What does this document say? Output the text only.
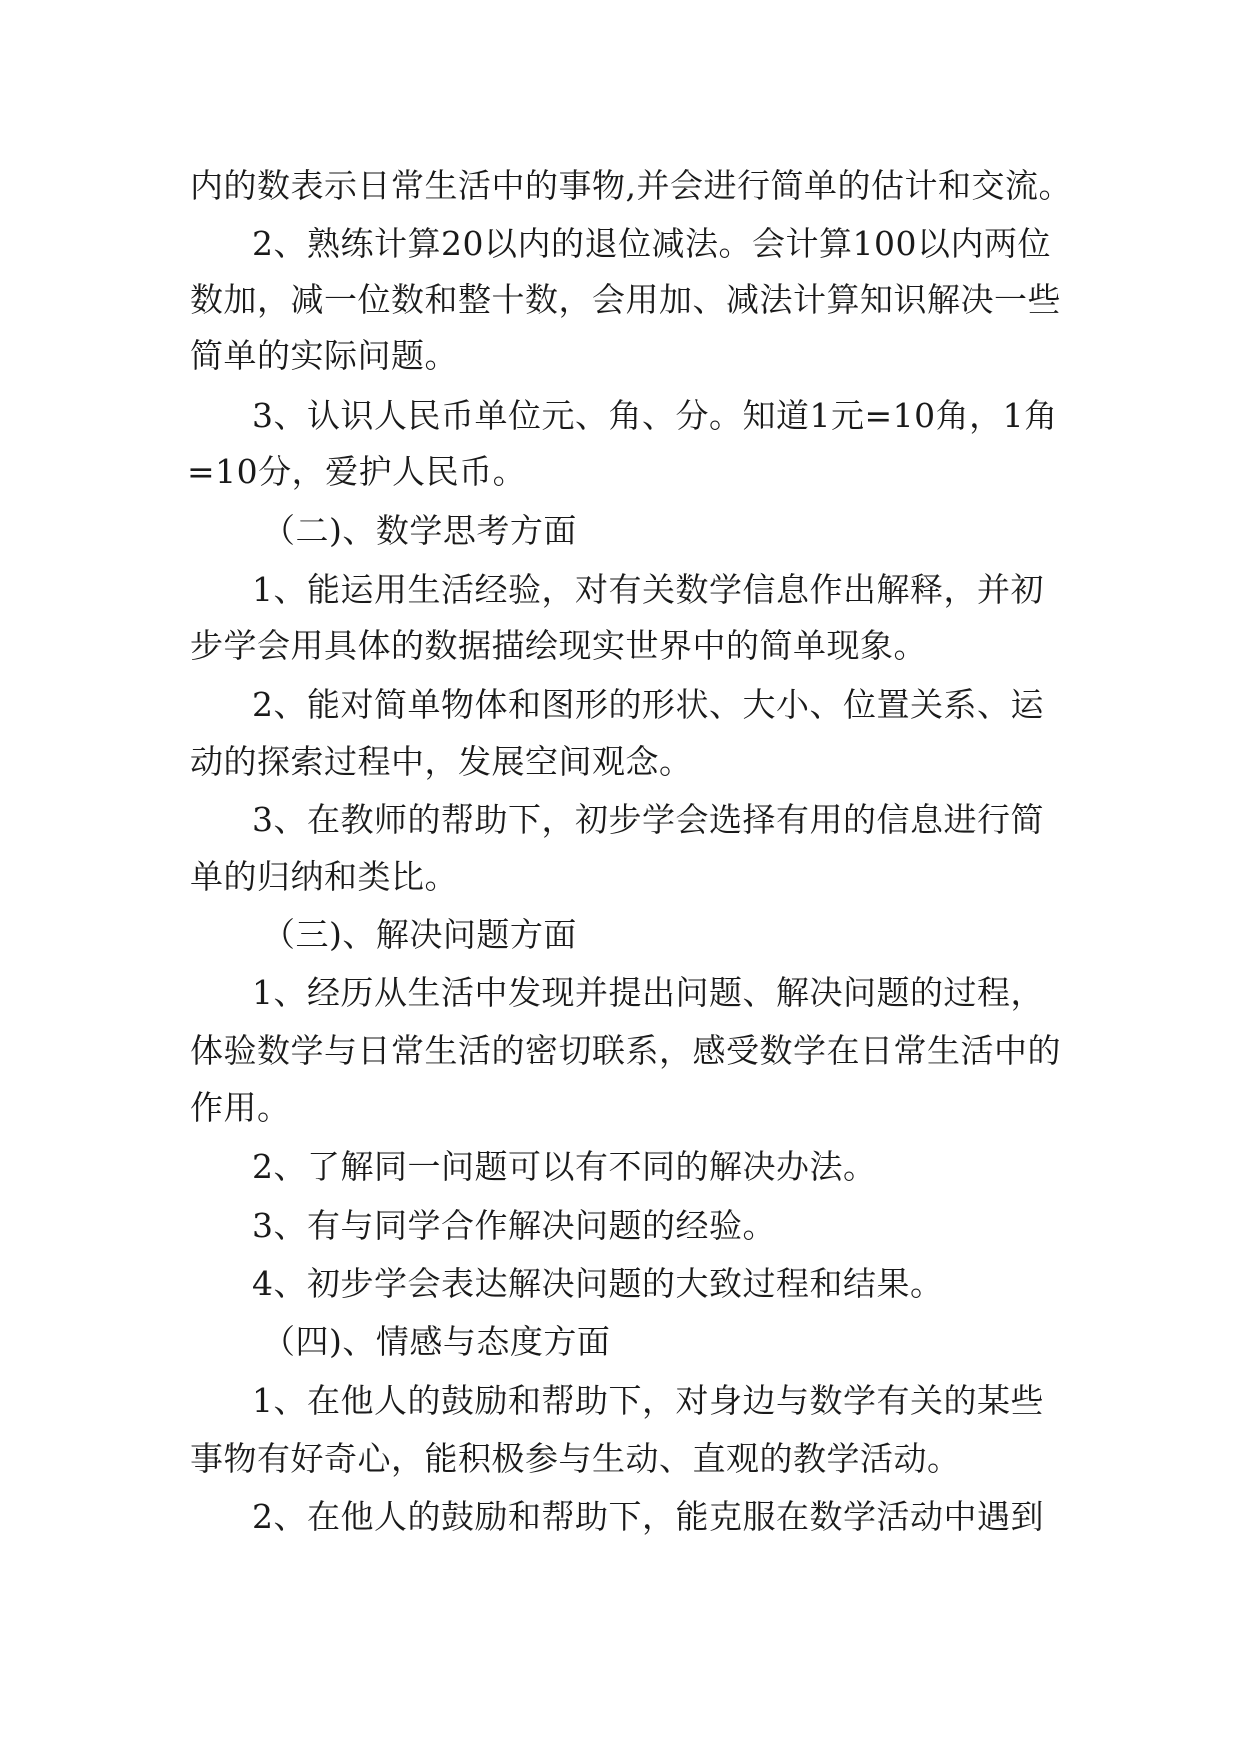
内的数表示日常生活中的事物,并会进行简单的估计和交流。
2、熟练计算20以内的退位减法。会计算100以内两位
数加，减一位数和整十数，会用加、减法计算知识解决一些
简单的实际问题。
3、认识人民币单位元、角、分。知道1元=10角，1角
=10分，爱护人民币。
（二)、数学思考方面
1、能运用生活经验，对有关数学信息作出解释，并初
步学会用具体的数据描绘现实世界中的简单现象。
2、能对简单物体和图形的形状、大小、位置关系、运
动的探索过程中，发展空间观念。
3、在教师的帮助下，初步学会选择有用的信息进行简
单的归纳和类比。
（三)、解决问题方面
1、经历从生活中发现并提出问题、解决问题的过程，
体验数学与日常生活的密切联系，感受数学在日常生活中的
作用。
2、了解同一问题可以有不同的解决办法。
3、有与同学合作解决问题的经验。
4、初步学会表达解决问题的大致过程和结果。
（四)、情感与态度方面
1、在他人的鼓励和帮助下，对身边与数学有关的某些
事物有好奇心，能积极参与生动、直观的教学活动。
2、在他人的鼓励和帮助下，能克服在数学活动中遇到
